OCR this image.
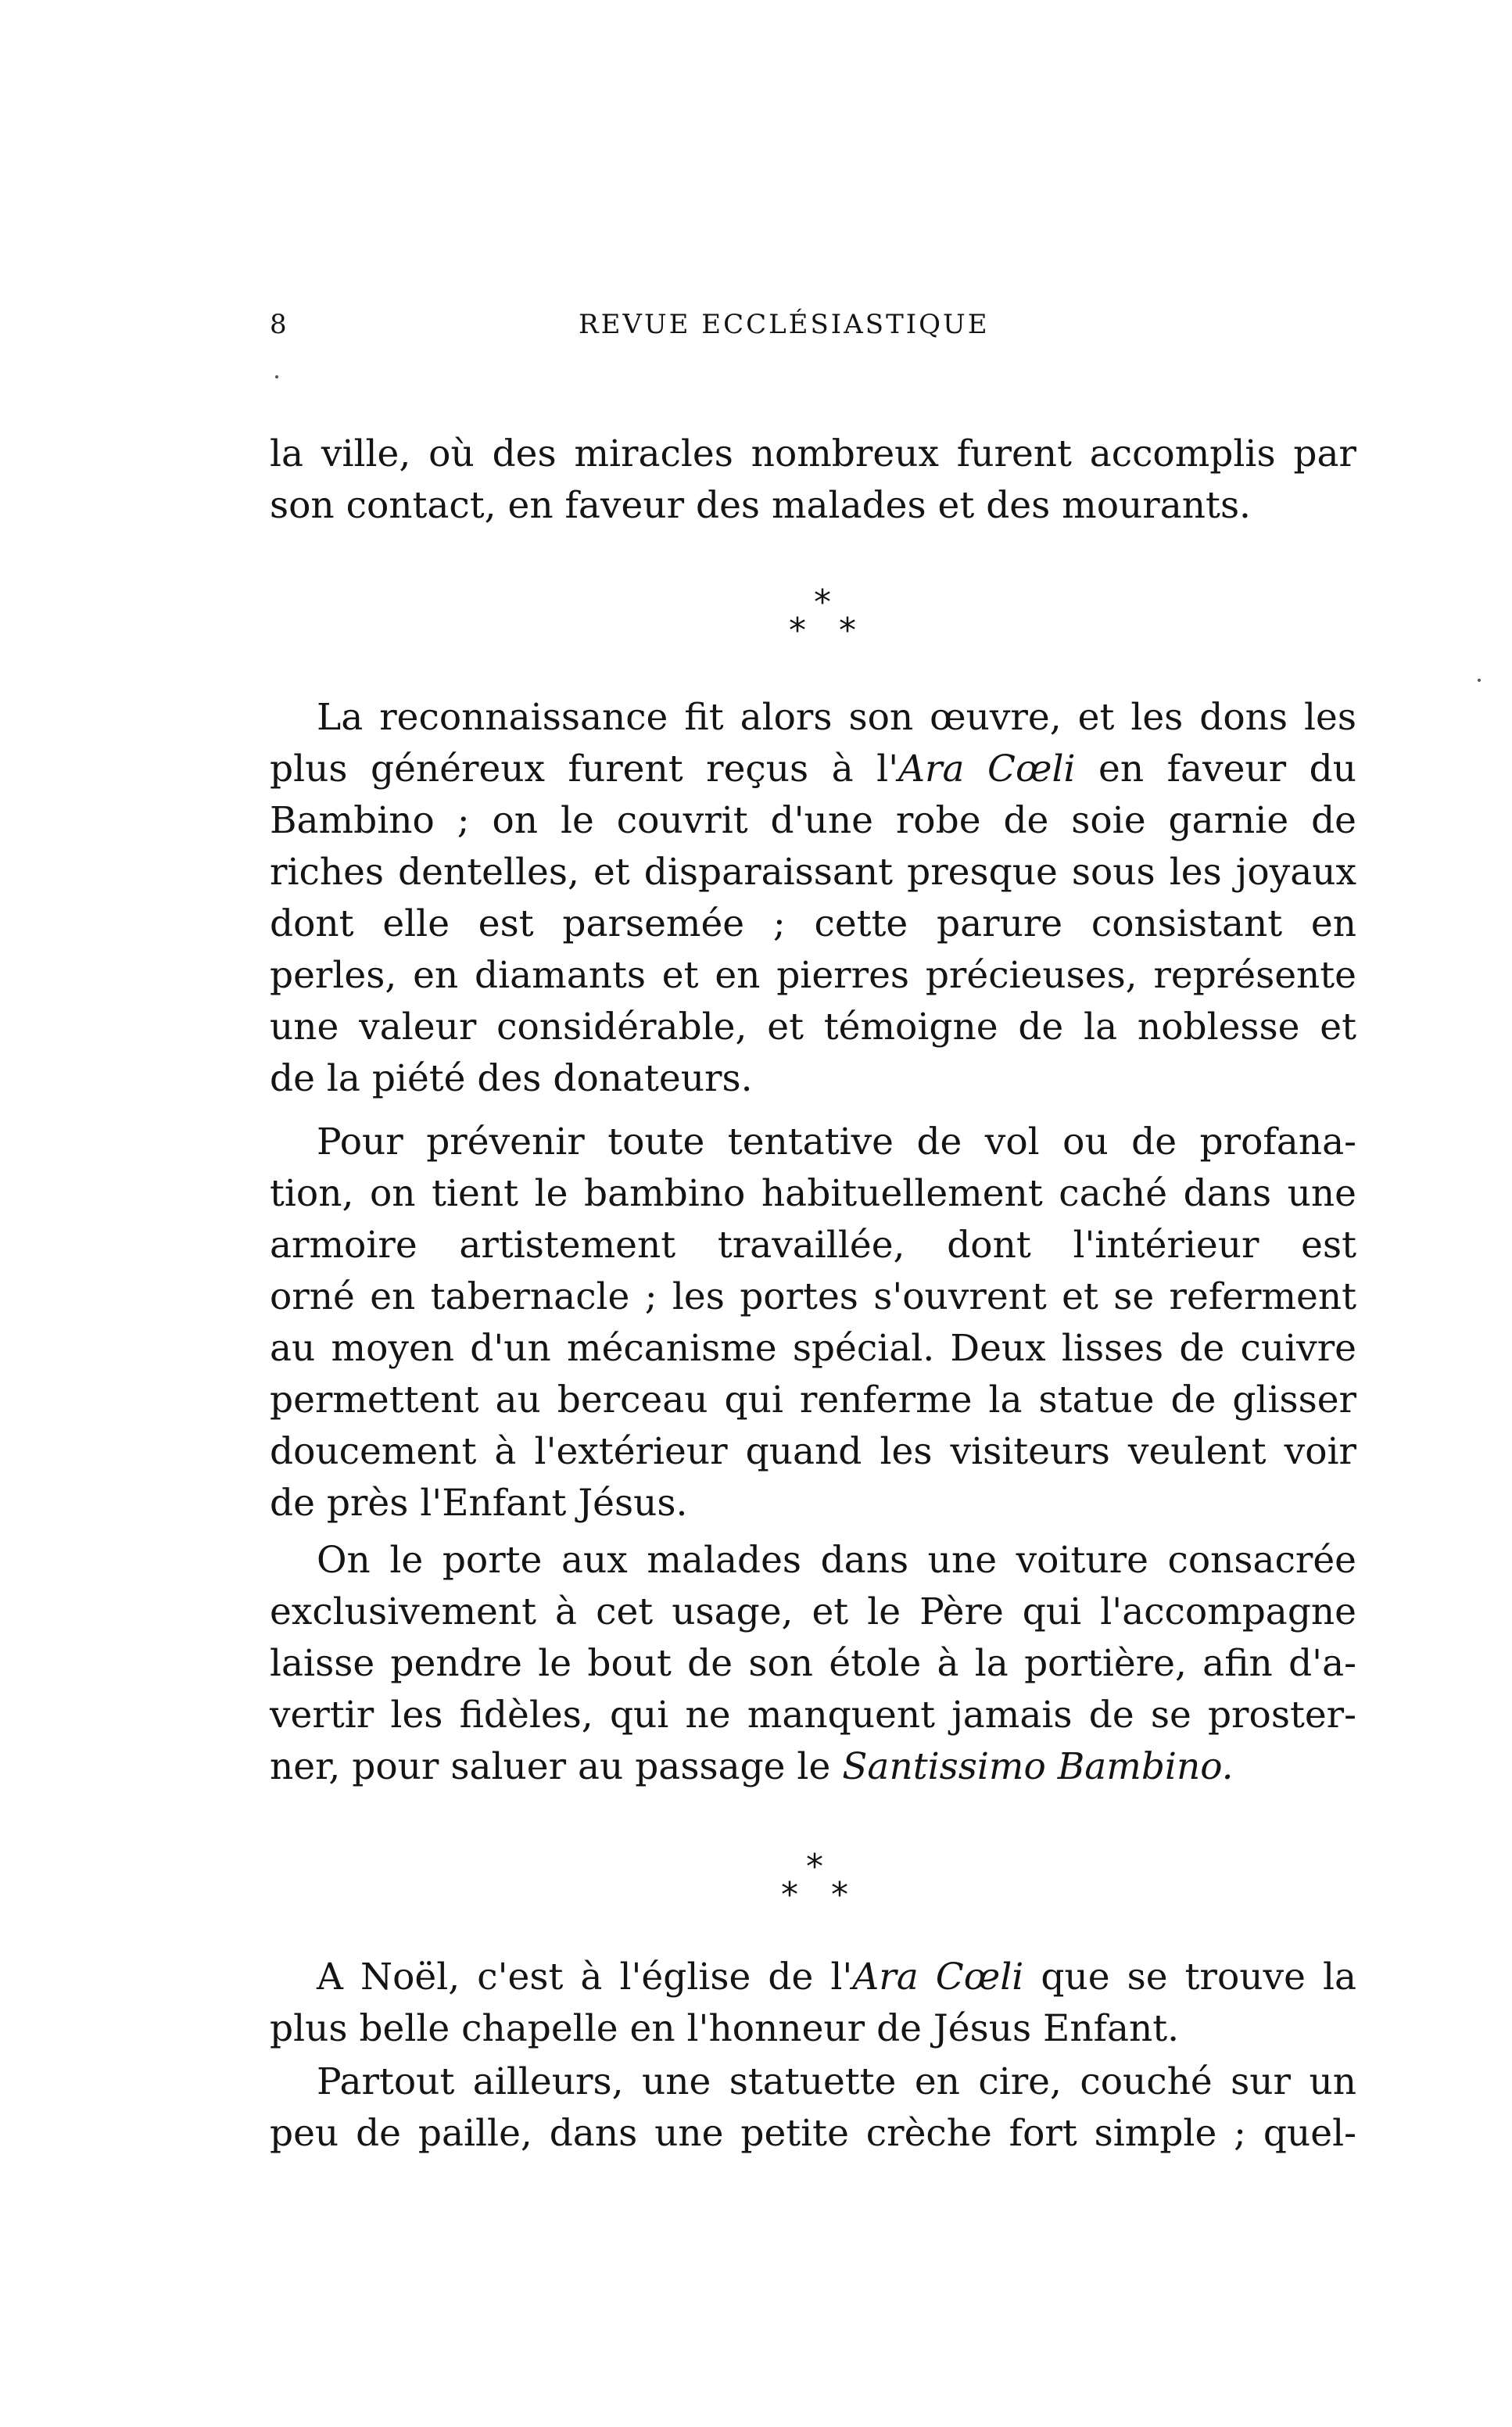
8	REVUE ECCLÉSIASTIQUE
la ville, où des miracles nombreux furent accomplis par
son contact, en faveur des malades et des mourants.
*
* *
La reconnaissance fit alors son œuvre, et les dons les
plus généreux furent reçus à l'Ara Cœli en faveur du
Bambino ; on le couvrit d'une robe de soie garnie de
riches dentelles, et disparaissant presque sous les joyaux
dont elle est parsemée ; cette parure consistant en
perles, en diamants et en pierres précieuses, représente
une valeur considérable, et témoigne de la noblesse et
de la piété des donateurs.
Pour prévenir toute tentative de vol ou de profana-
tion, on tient le bambino habituellement caché dans une
armoire artistement travaillée, dont l'intérieur est
orné en tabernacle ; les portes s'ouvrent et se referment
au moyen d'un mécanisme spécial. Deux lisses de cuivre
permettent au berceau qui renferme la statue de glisser
doucement à l'extérieur quand les visiteurs veulent voir
de près l'Enfant Jésus.
On le porte aux malades dans une voiture consacrée
exclusivement à cet usage, et le Père qui l'accompagne
laisse pendre le bout de son étole à la portière, afin d'a-
vertir les fidèles, qui ne manquent jamais de se proster-
ner, pour saluer au passage le Santissimo Bambino.
*
* *
A Noël, c'est à l'église de l'Ara Cœli que se trouve la
plus belle chapelle en l'honneur de Jésus Enfant.
Partout ailleurs, une statuette en cire, couché sur un
peu de paille, dans une petite crèche fort simple ; quel-
